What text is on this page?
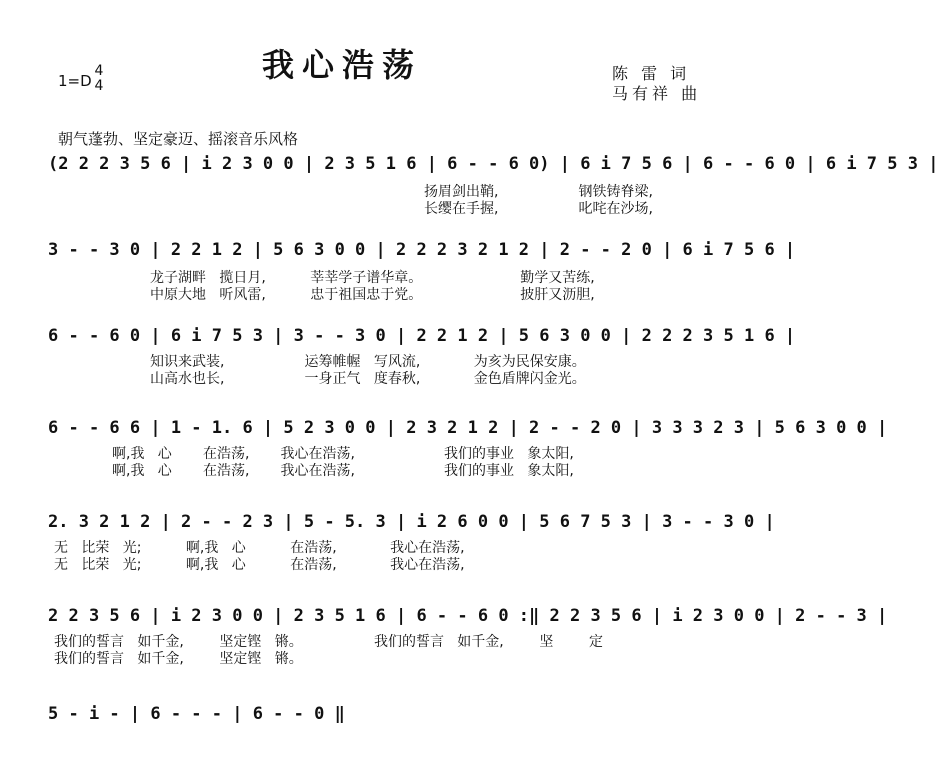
我心浩荡
1=D
4
4
陈 雷 词
马有祥 曲
朝气蓬勃、坚定豪迈、摇滚音乐风格
(2 2 2 3 5 6 | i 2 3 0 0 | 2 3 5 1 6 | 6 - - 6 0) | 6 i 7 5 6 | 6 - - 6 0 | 6 i 7 5 3 |
扬眉剑出鞘,                  钢铁铸脊梁,
长缨在手握,                  叱咤在沙场,
3 - - 3 0 | 2 2 1 2 | 5 6 3 0 0 | 2 2 2 3 2 1 2 | 2 - - 2 0 | 6 i 7 5 6 |
龙子湖畔   揽日月,          莘莘学子谱华章。                      勤学又苦练,
中原大地   听风雷,          忠于祖国忠于党。                      披肝又沥胆,
6 - - 6 0 | 6 i 7 5 3 | 3 - - 3 0 | 2 2 1 2 | 5 6 3 0 0 | 2 2 2 3 5 1 6 |
知识来武装,                  运筹帷幄   写风流,            为亥为民保安康。
山高水也长,                  一身正气   度春秋,            金色盾牌闪金光。
6 - - 6 6 | 1 - 1. 6 | 5 2 3 0 0 | 2 3 2 1 2 | 2 - - 2 0 | 3 3 3 2 3 | 5 6 3 0 0 |
啊,我   心       在浩荡,       我心在浩荡,                    我们的事业   象太阳,
啊,我   心       在浩荡,       我心在浩荡,                    我们的事业   象太阳,
2. 3 2 1 2 | 2 - - 2 3 | 5 - 5. 3 | i 2 6 0 0 | 5 6 7 5 3 | 3 - - 3 0 |
无   比荣   光;          啊,我   心          在浩荡,            我心在浩荡,
无   比荣   光;          啊,我   心          在浩荡,            我心在浩荡,
2 2 3 5 6 | i 2 3 0 0 | 2 3 5 1 6 | 6 - - 6 0 :‖ 2 2 3 5 6 | i 2 3 0 0 | 2 - - 3 |
我们的誓言   如千金,        坚定铿   锵。                我们的誓言   如千金,        坚        定
我们的誓言   如千金,        坚定铿   锵。
5 - i - | 6 - - - | 6 - - 0 ‖
